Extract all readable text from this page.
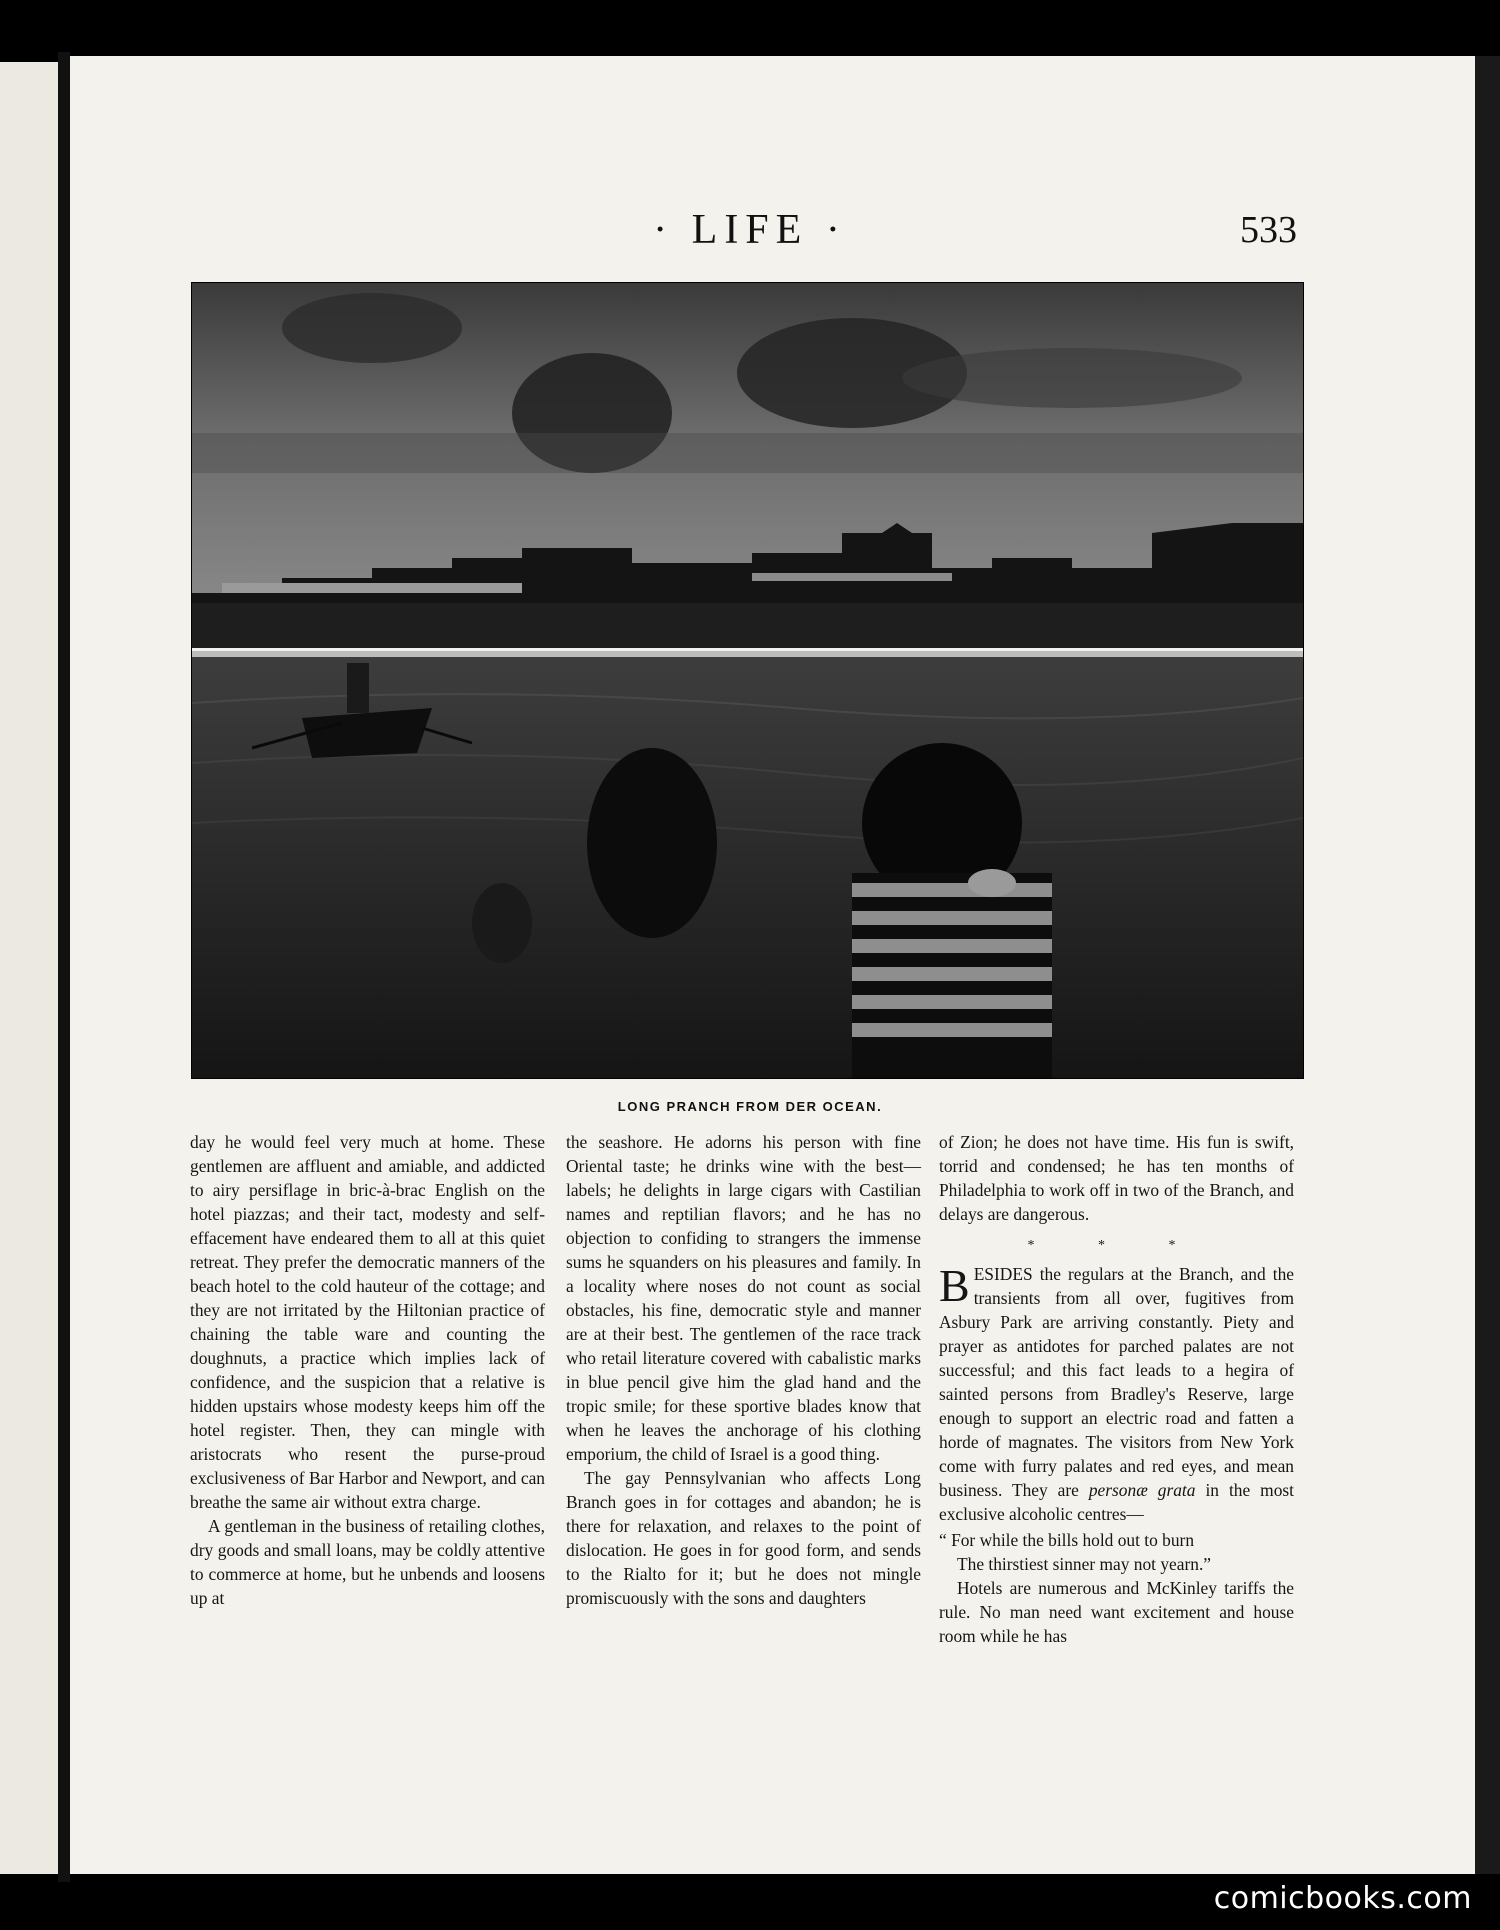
· LIFE ·	533
LONG PRANCH FROM DER OCEAN.

day he would feel very much at home. These gentlemen are affluent and amiable, and addicted to airy persiflage in bric-à-brac English on the hotel piazzas; and their tact, modesty and self-effacement have endeared them to all at this quiet retreat. They prefer the democratic manners of the beach hotel to the cold hauteur of the cottage; and they are not irritated by the Hiltonian practice of chaining the table ware and counting the doughnuts, a practice which implies lack of confidence, and the suspicion that a relative is hidden upstairs whose modesty keeps him off the hotel register. Then, they can mingle with aristocrats who resent the purse-proud exclusiveness of Bar Harbor and Newport, and can breathe the same air without extra charge.

A gentleman in the business of retailing clothes, dry goods and small loans, may be coldly attentive to commerce at home, but he unbends and loosens up at

the seashore. He adorns his person with fine Oriental taste; he drinks wine with the best—labels; he delights in large cigars with Castilian names and reptilian flavors; and he has no objection to confiding to strangers the immense sums he squanders on his pleasures and family. In a locality where noses do not count as social obstacles, his fine, democratic style and manner are at their best. The gentlemen of the race track who retail literature covered with cabalistic marks in blue pencil give him the glad hand and the tropic smile; for these sportive blades know that when he leaves the anchorage of his clothing emporium, the child of Israel is a good thing.

The gay Pennsylvanian who affects Long Branch goes in for cottages and abandon; he is there for relaxation, and relaxes to the point of dislocation. He goes in for good form, and sends to the Rialto for it; but he does not mingle promiscuously with the sons and daughters

of Zion; he does not have time. His fun is swift, torrid and condensed; he has ten months of Philadelphia to work off in two of the Branch, and delays are dangerous.

* * *

BESIDES the regulars at the Branch, and the transients from all over, fugitives from Asbury Park are arriving constantly. Piety and prayer as antidotes for parched palates are not successful; and this fact leads to a hegira of sainted persons from Bradley's Reserve, large enough to support an electric road and fatten a horde of magnates. The visitors from New York come with furry palates and red eyes, and mean business. They are personæ grata in the most exclusive alcoholic centres—

“ For while the bills hold out to burn
The thirstiest sinner may not yearn.”

Hotels are numerous and McKinley tariffs the rule. No man need want excitement and house room while he has

comicbooks.com
